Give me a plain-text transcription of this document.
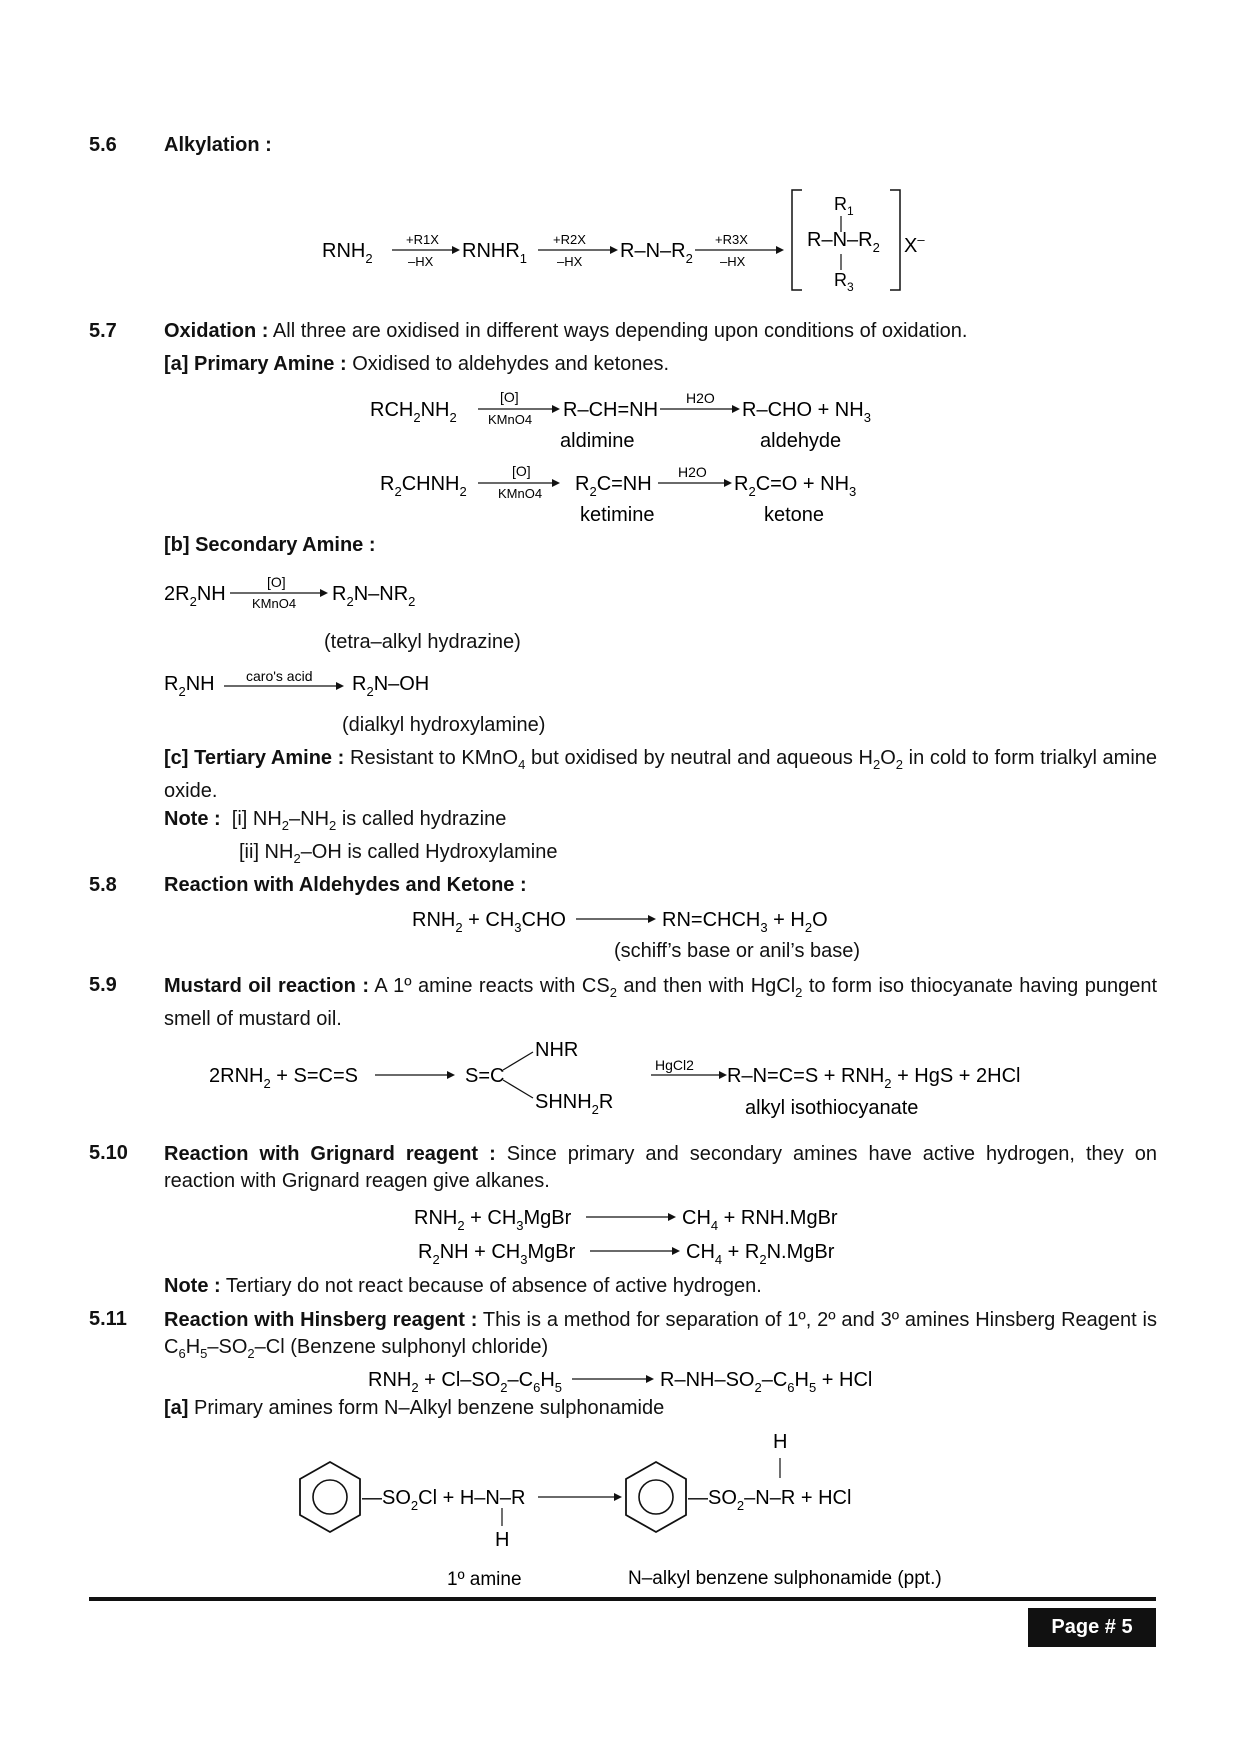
5.6 Alkylation :
$RNH_2$
+R1X
–HX $RNHR_1$
+R2X
–HX $R-N-R_2$
+R3X
–HX
$R_1$
$R-N-R_2$
$R_3$
X–
5.7 Oxidation : All three are oxidised in different ways depending upon conditions of oxidation.
[a] Primary Amine : Oxidised to aldehydes and ketones.
$RCH_2NH_2$
[O]
KMnO4 R–CH=NH
H2O
$R-CHO + NH_3$
aldimine	aldehyde
$R_2CHNH_2$
[O]
KMnO4 $R_2C=NH$
H2O
$R_2C=O + NH_3$
ketimine	ketone
[b] Secondary Amine :
$2R_2NH$
[O]
KMnO4 $R_2N-NR_2$
(tetra–alkyl hydrazine)
$R_2NH$ caro's acid $R_2N-OH$
(dialkyl hydroxylamine)
[c] Tertiary Amine : Resistant to KMnO$_4$ but oxidised by neutral and aqueous $H_2O_2$ in cold to form trialkyl amine oxide.
Note : [i] $NH_2-NH_2$ is called hydrazine
[ii] $NH_2-OH$ is called Hydroxylamine
5.8 Reaction with Aldehydes and Ketone :
$RNH_2 + CH_3CHO$	$RN=CHCH_3 + H_2O$
(schiff’s base or anil’s base)
5.9 Mustard oil reaction : A 1º amine reacts with $CS_2$ and then with HgCl$_2$ to form iso thiocyanate having pungent smell of mustard oil.
$2RNH_2 + S=C=S$	S=C
NHR
$SHNH_2R$
HgCl2 $R-N=C=S + RNH_2$ + HgS + 2HCl
alkyl isothiocyanate
5.10 Reaction with Grignard reagent : Since primary and secondary amines have active hydrogen, they on reaction with Grignard reagen give alkanes.
$RNH_2$ + $CH_3MgBr$	$CH_4$ + RNH.MgBr
$R_2NH$ + $CH_3MgBr$	$CH_4$ + $R_2N.MgBr$
Note : Tertiary do not react because of absence of active hydrogen.
5.11 Reaction with Hinsberg reagent : This is a method for separation of 1º, 2º and 3º amines Hinsberg Reagent is $C_6H_5-SO_2-Cl$ (Benzene sulphonyl chloride)
$RNH_2 + Cl-SO_2-C_6H_5$	$R-NH-SO_2-C_6H_5$ + HCl
[a] Primary amines form N–Alkyl benzene sulphonamide
$—SO_2Cl + H-N-R$
H
$—SO_2-N-R$ + HCl
H
1º amine	N–alkyl benzene sulphonamide (ppt.)
Page # 5
